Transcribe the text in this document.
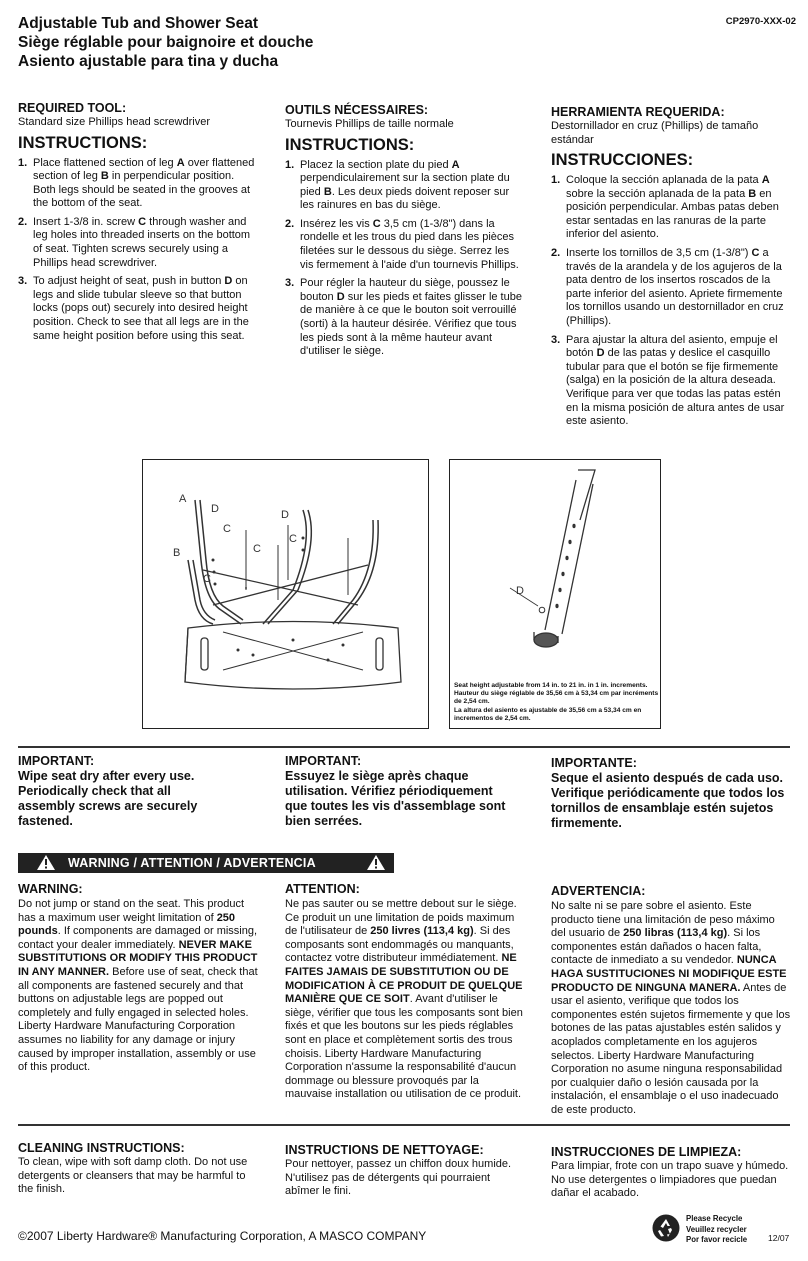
Adjustable Tub and Shower Seat
Siège réglable pour baignoire et douche
Asiento ajustable para tina y ducha
CP2970-XXX-02
REQUIRED TOOL:
Standard size Phillips head screwdriver
INSTRUCTIONS:
1. Place flattened section of leg A over flattened section of leg B in perpendicular position. Both legs should be seated in the grooves at the bottom of the seat.
2. Insert 1-3/8 in. screw C through washer and leg holes into threaded inserts on the bottom of seat. Tighten screws securely using a Phillips head screwdriver.
3. To adjust height of seat, push in button D on legs and slide tubular sleeve so that button locks (pops out) securely into desired height position. Check to see that all legs are in the same height position before using this seat.
OUTILS NÉCESSAIRES:
Tournevis Phillips de taille normale
INSTRUCTIONS:
1. Placez la section plate du pied A perpendiculairement sur la section plate du pied B. Les deux pieds doivent reposer sur les rainures en bas du siège.
2. Insérez les vis C 3,5 cm (1-3/8") dans la rondelle et les trous du pied dans les pièces filetées sur le dessous du siège. Serrez les vis fermement à l'aide d'un tournevis Phillips.
3. Pour régler la hauteur du siège, poussez le bouton D sur les pieds et faites glisser le tube de manière à ce que le bouton soit verrouillé (sorti) à la hauteur désirée. Vérifiez que tous les pieds sont à la même hauteur avant d'utiliser le siège.
HERRAMIENTA REQUERIDA:
Destornillador en cruz (Phillips) de tamaño estándar
INSTRUCCIONES:
1. Coloque la sección aplanada de la pata A sobre la sección aplanada de la pata B en posición perpendicular. Ambas patas deben estar sentadas en las ranuras de la parte inferior del asiento.
2. Inserte los tornillos de 3,5 cm (1-3/8") C a través de la arandela y de los agujeros de la pata dentro de los insertos roscados de la parte inferior del asiento. Apriete firmemente los tornillos usando un destornillador en cruz (Phillips).
3. Para ajustar la altura del asiento, empuje el botón D de las patas y deslice el casquillo tubular para que el botón se fije firmemente (salga) en la posición de la altura deseada. Verifique para ver que todas las patas estén en la misma posición de altura antes de usar este asiento.
A
B
D	D
C
C
C
C
D
Seat height adjustable from 14 in. to 21 in. in 1 in. increments.
Hauteur du siège réglable de 35,56 cm à 53,34 cm par incréments de 2,54 cm.
La altura del asiento es ajustable de 35,56 cm a 53,34 cm en incrementos de 2,54 cm.
IMPORTANT:
Wipe seat dry after every use. Periodically check that all assembly screws are securely fastened.
IMPORTANT:
Essuyez le siège après chaque utilisation. Vérifiez périodiquement que toutes les vis d'assemblage sont bien serrées.
IMPORTANTE:
Seque el asiento después de cada uso. Verifique periódicamente que todos los tornillos de ensamblaje estén sujetos firmemente.
WARNING / ATTENTION / ADVERTENCIA
WARNING:
Do not jump or stand on the seat. This product has a maximum user weight limitation of 250 pounds. If components are damaged or missing, contact your dealer immediately. NEVER MAKE SUBSTITUTIONS OR MODIFY THIS PRODUCT IN ANY MANNER. Before use of seat, check that all components are fastened securely and that buttons on adjustable legs are popped out completely and fully engaged in selected holes. Liberty Hardware Manufacturing Corporation assumes no liability for any damage or injury caused by improper installation, assembly or use of this product.
ATTENTION:
Ne pas sauter ou se mettre debout sur le siège. Ce produit un une limitation de poids maximum de l'utilisateur de 250 livres (113,4 kg). Si des composants sont endommagés ou manquants, contactez votre distributeur immédiatement. NE FAITES JAMAIS DE SUBSTITUTION OU DE MODIFICATION À CE PRODUIT DE QUELQUE MANIÈRE QUE CE SOIT. Avant d'utiliser le siège, vérifier que tous les composants sont bien fixés et que les boutons sur les pieds réglables sont en place et complètement sortis des trous choisis. Liberty Hardware Manufacturing Corporation n'assume la responsabilité d'aucun dommage ou blessure provoqués par la mauvaise installation ou utilisation de ce produit.
ADVERTENCIA:
No salte ni se pare sobre el asiento. Este producto tiene una limitación de peso máximo del usuario de 250 libras (113,4 kg). Si los componentes están dañados o hacen falta, contacte de inmediato a su vendedor. NUNCA HAGA SUSTITUCIONES NI MODIFIQUE ESTE PRODUCTO DE NINGUNA MANERA. Antes de usar el asiento, verifique que todos los componentes estén sujetos firmemente y que los botones de las patas ajustables estén salidos y acoplados completamente en los agujeros selectos. Liberty Hardware Manufacturing Corporation no asume ninguna responsabilidad por cualquier daño o lesión causada por la instalación, el ensamblaje o el uso inadecuado de este producto.
CLEANING INSTRUCTIONS:
To clean, wipe with soft damp cloth. Do not use detergents or cleansers that may be harmful to the finish.
INSTRUCTIONS DE NETTOYAGE:
Pour nettoyer, passez un chiffon doux humide. N'utilisez pas de détergents qui pourraient abîmer le fini.
INSTRUCCIONES DE LIMPIEZA:
Para limpiar, frote con un trapo suave y húmedo. No use detergentes o limpiadores que puedan dañar el acabado.
©2007 Liberty Hardware® Manufacturing Corporation, A MASCO COMPANY
Please Recycle
Veuillez recycler
Por favor recicle 12/07
